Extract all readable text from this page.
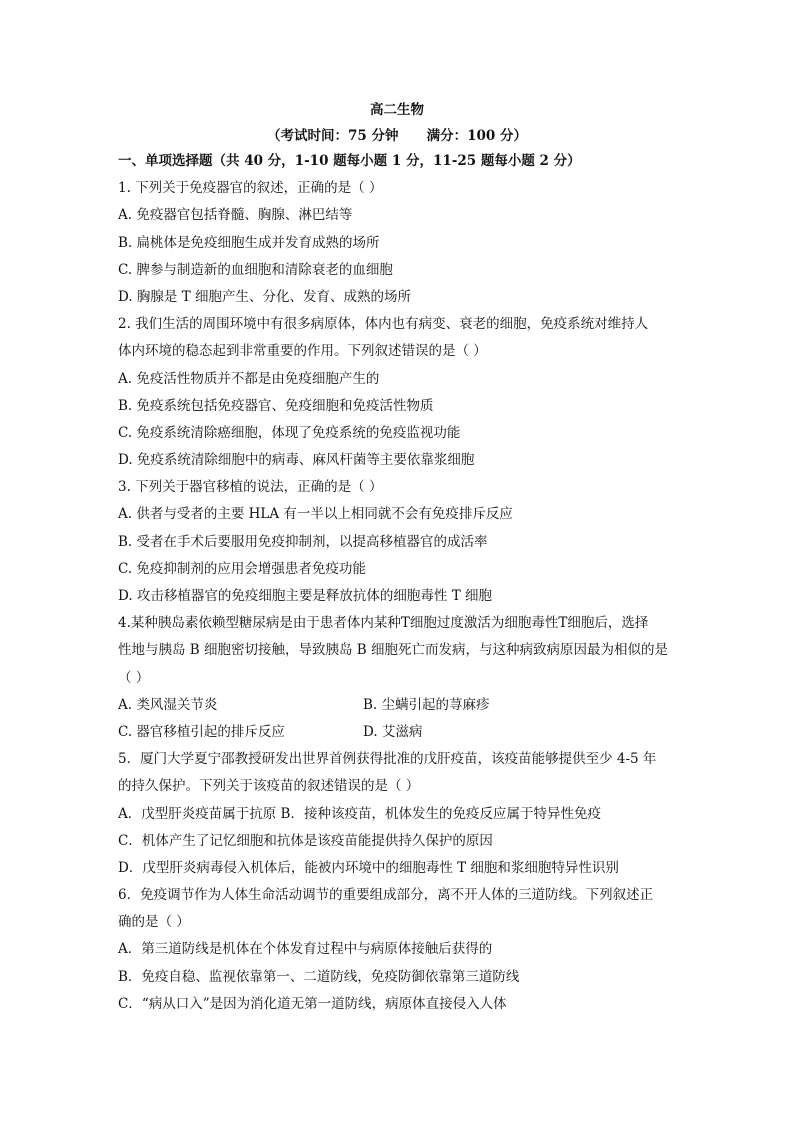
高二生物
（考试时间：75 分钟      满分：100 分）
一、单项选择题（共 40 分，1-10 题每小题 1 分，11-25 题每小题 2 分）
1. 下列关于免疫器官的叙述，正确的是（ ）
A. 免疫器官包括脊髓、胸腺、淋巴结等
B. 扁桃体是免疫细胞生成并发育成熟的场所
C. 脾参与制造新的血细胞和清除衰老的血细胞
D. 胸腺是 T 细胞产生、分化、发育、成熟的场所
2. 我们生活的周围环境中有很多病原体，体内也有病变、衰老的细胞，免疫系统对维持人
体内环境的稳态起到非常重要的作用。下列叙述错误的是（ ）
A. 免疫活性物质并不都是由免疫细胞产生的
B. 免疫系统包括免疫器官、免疫细胞和免疫活性物质
C. 免疫系统清除癌细胞，体现了免疫系统的免疫监视功能
D. 免疫系统清除细胞中的病毒、麻风杆菌等主要依靠浆细胞
3. 下列关于器官移植的说法，正确的是（ ）
A. 供者与受者的主要 HLA 有一半以上相同就不会有免疫排斥反应
B. 受者在手术后要服用免疫抑制剂，以提高移植器官的成活率
C. 免疫抑制剂的应用会增强患者免疫功能
D. 攻击移植器官的免疫细胞主要是释放抗体的细胞毒性 T 细胞
4.某种胰岛素依赖型糖尿病是由于患者体内某种T细胞过度激活为细胞毒性T细胞后，选择
性地与胰岛 B 细胞密切接触，导致胰岛 B 细胞死亡而发病，与这种病致病原因最为相似的是
（ ）
A. 类风湿关节炎	B. 尘螨引起的荨麻疹
C. 器官移植引起的排斥反应	D. 艾滋病
5．厦门大学夏宁邵教授研发出世界首例获得批准的戊肝疫苗，该疫苗能够提供至少 4-5 年
的持久保护。下列关于该疫苗的叙述错误的是（ ）
A．戊型肝炎疫苗属于抗原 B．接种该疫苗，机体发生的免疫反应属于特异性免疫
C．机体产生了记忆细胞和抗体是该疫苗能提供持久保护的原因
D．戊型肝炎病毒侵入机体后，能被内环境中的细胞毒性 T 细胞和浆细胞特异性识别
6．免疫调节作为人体生命活动调节的重要组成部分，离不开人体的三道防线。下列叙述正
确的是（ ）
A．第三道防线是机体在个体发育过程中与病原体接触后获得的
B．免疫自稳、监视依靠第一、二道防线，免疫防御依靠第三道防线
C．“病从口入”是因为消化道无第一道防线，病原体直接侵入人体
